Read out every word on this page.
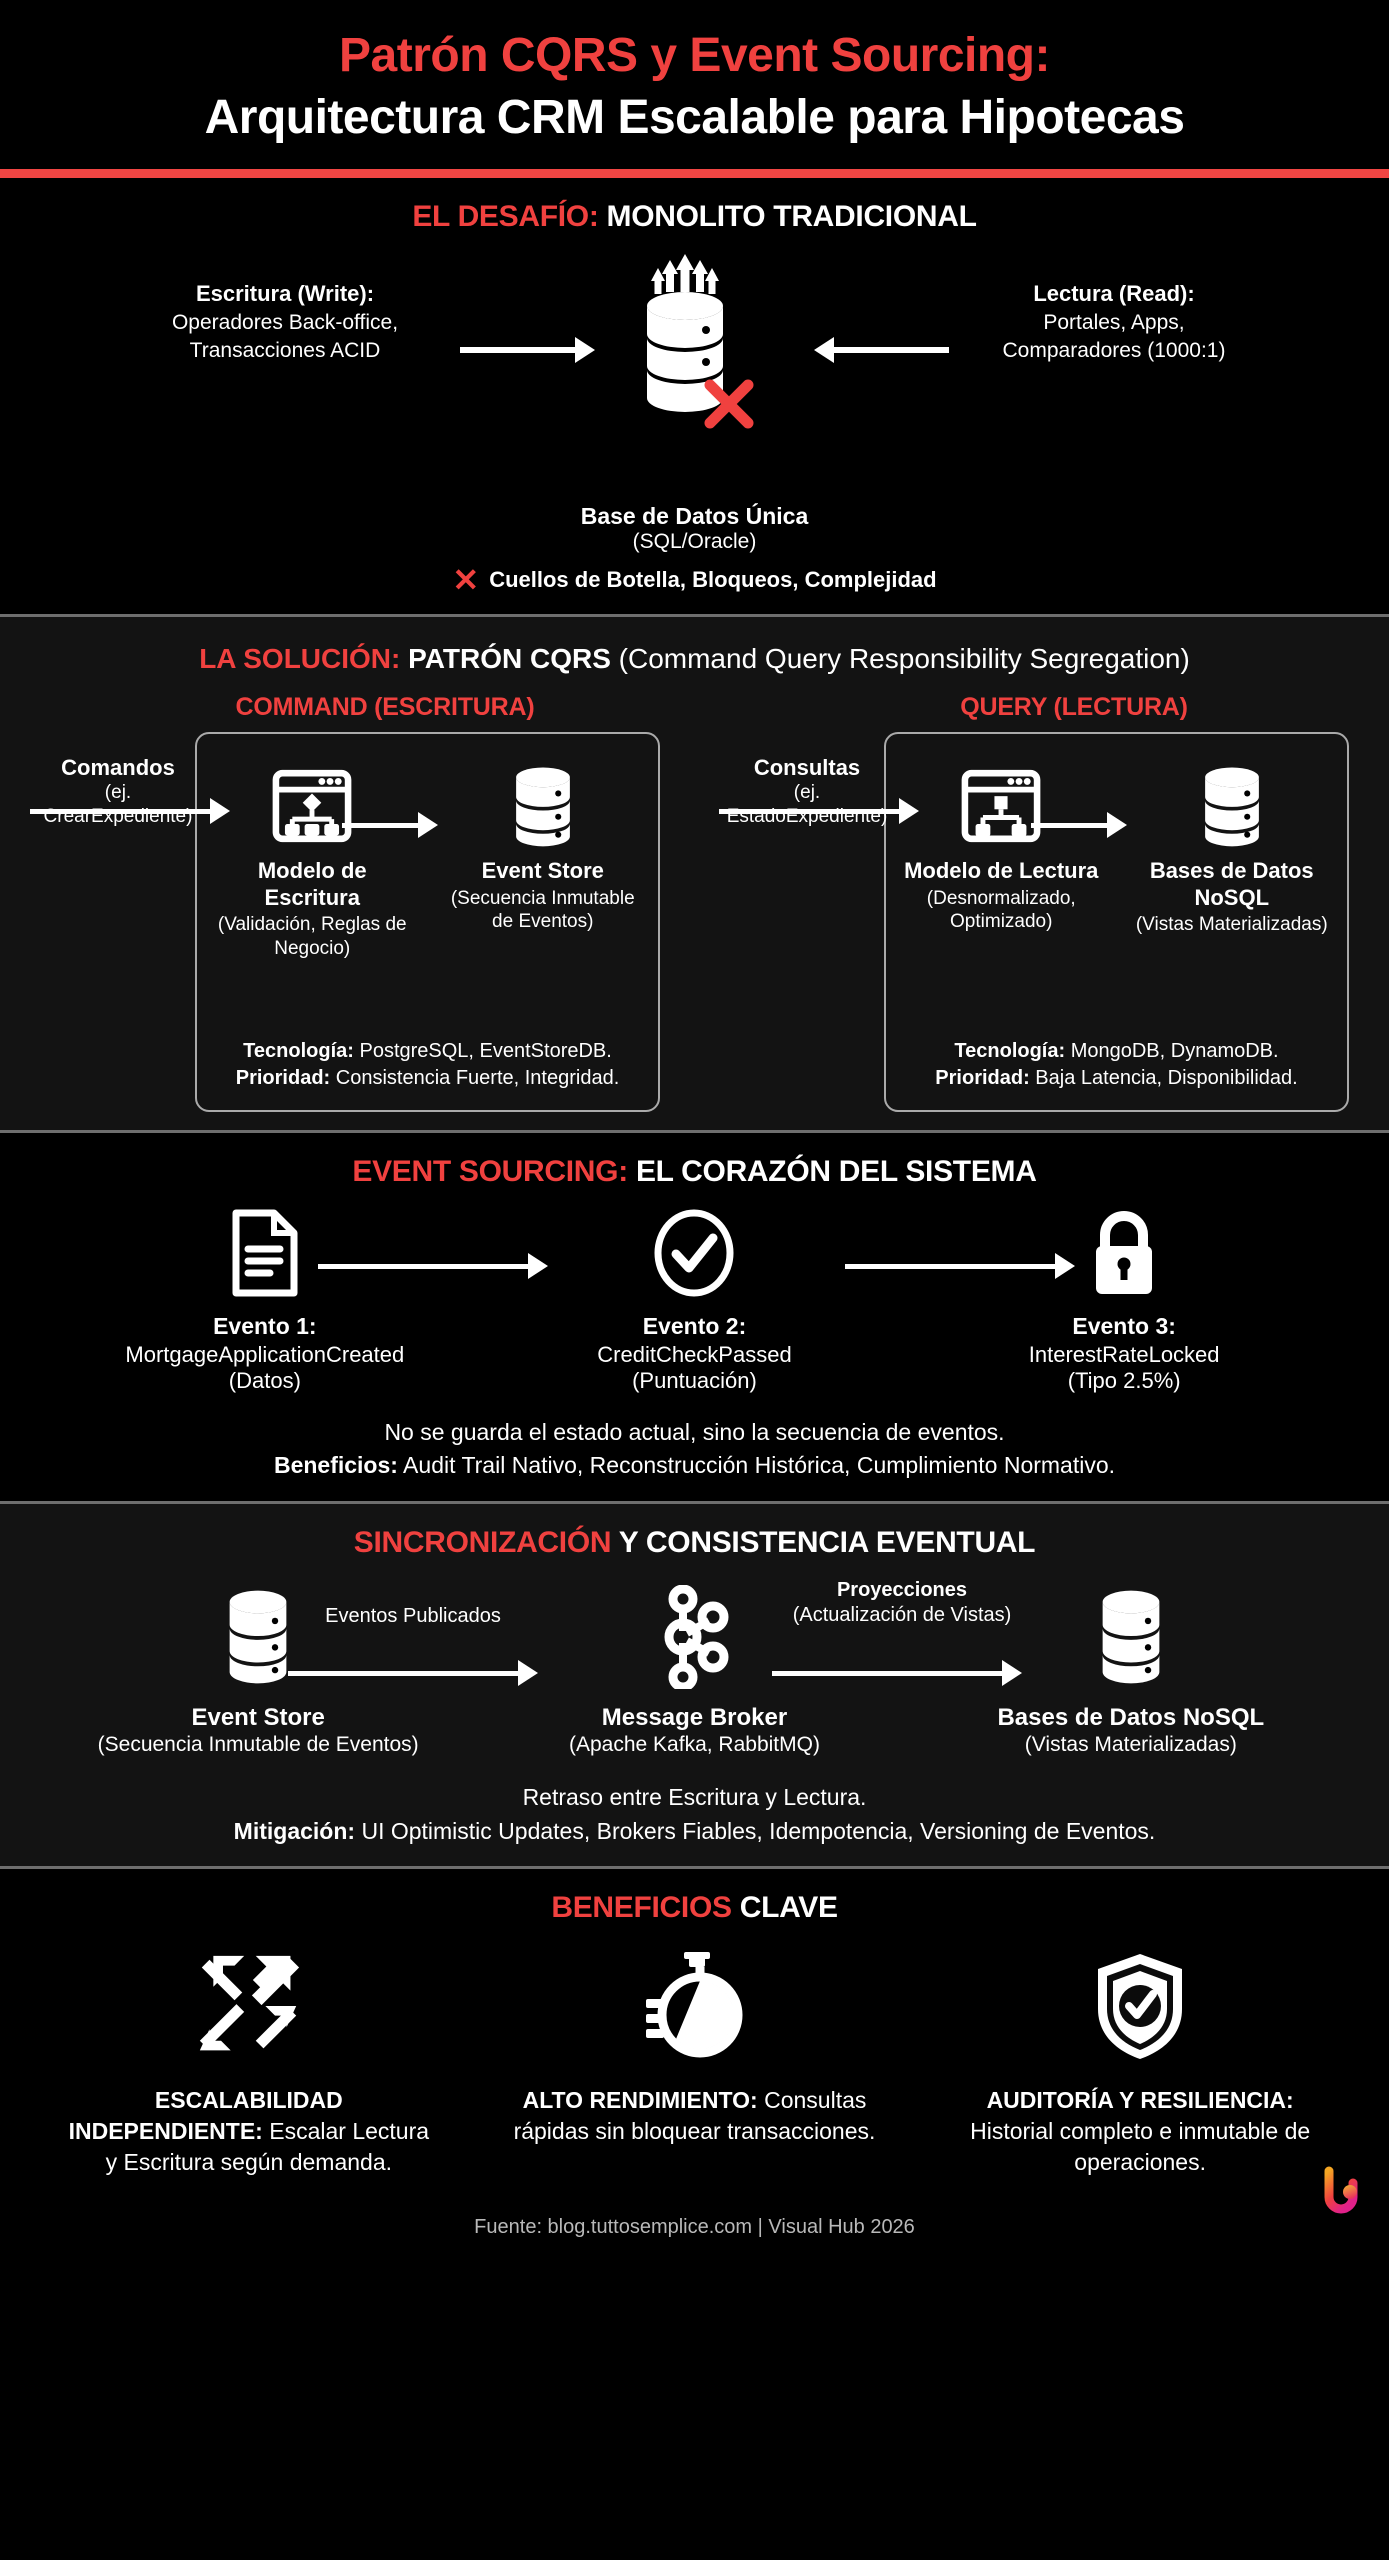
Patrón CQRS y Event Sourcing:
Arquitectura CRM Escalable para Hipotecas
EL DESAFÍO: MONOLITO TRADICIONAL
Escritura (Write):
Operadores Back-office,
Transacciones ACID
Lectura (Read):
Portales, Apps,
Comparadores (1000:1)
Base de Datos Única
(SQL/Oracle)
✕ Cuellos de Botella, Bloqueos, Complejidad
LA SOLUCIÓN: PATRÓN CQRS (Command Query Responsibility Segregation)
COMMAND (ESCRITURA)
Comandos
(ej.
CrearExpediente)
Modelo de Escritura
(Validación, Reglas de Negocio)
Event Store
(Secuencia Inmutable de Eventos)
Tecnología: PostgreSQL, EventStoreDB.
Prioridad: Consistencia Fuerte, Integridad.
QUERY (LECTURA)
Consultas
(ej.
EstadoExpediente)
Modelo de Lectura
(Desnormalizado, Optimizado)
Bases de Datos NoSQL
(Vistas Materializadas)
Tecnología: MongoDB, DynamoDB.
Prioridad: Baja Latencia, Disponibilidad.
EVENT SOURCING: EL CORAZÓN DEL SISTEMA
Evento 1:
MortgageApplicationCreated
(Datos)
Evento 2:
CreditCheckPassed
(Puntuación)
Evento 3:
InterestRateLocked
(Tipo 2.5%)
No se guarda el estado actual, sino la secuencia de eventos.
Beneficios: Audit Trail Nativo, Reconstrucción Histórica, Cumplimiento Normativo.
SINCRONIZACIÓN Y CONSISTENCIA EVENTUAL
Eventos Publicados
Proyecciones
(Actualización de Vistas)
Event Store
(Secuencia Inmutable de Eventos)
Message Broker
(Apache Kafka, RabbitMQ)
Bases de Datos NoSQL
(Vistas Materializadas)
Retraso entre Escritura y Lectura.
Mitigación: UI Optimistic Updates, Brokers Fiables, Idempotencia, Versioning de Eventos.
BENEFICIOS CLAVE
ESCALABILIDAD INDEPENDIENTE: Escalar Lectura y Escritura según demanda.
ALTO RENDIMIENTO: Consultas rápidas sin bloquear transacciones.
AUDITORÍA Y RESILIENCIA: Historial completo e inmutable de operaciones.
Fuente: blog.tuttosemplice.com | Visual Hub 2026
